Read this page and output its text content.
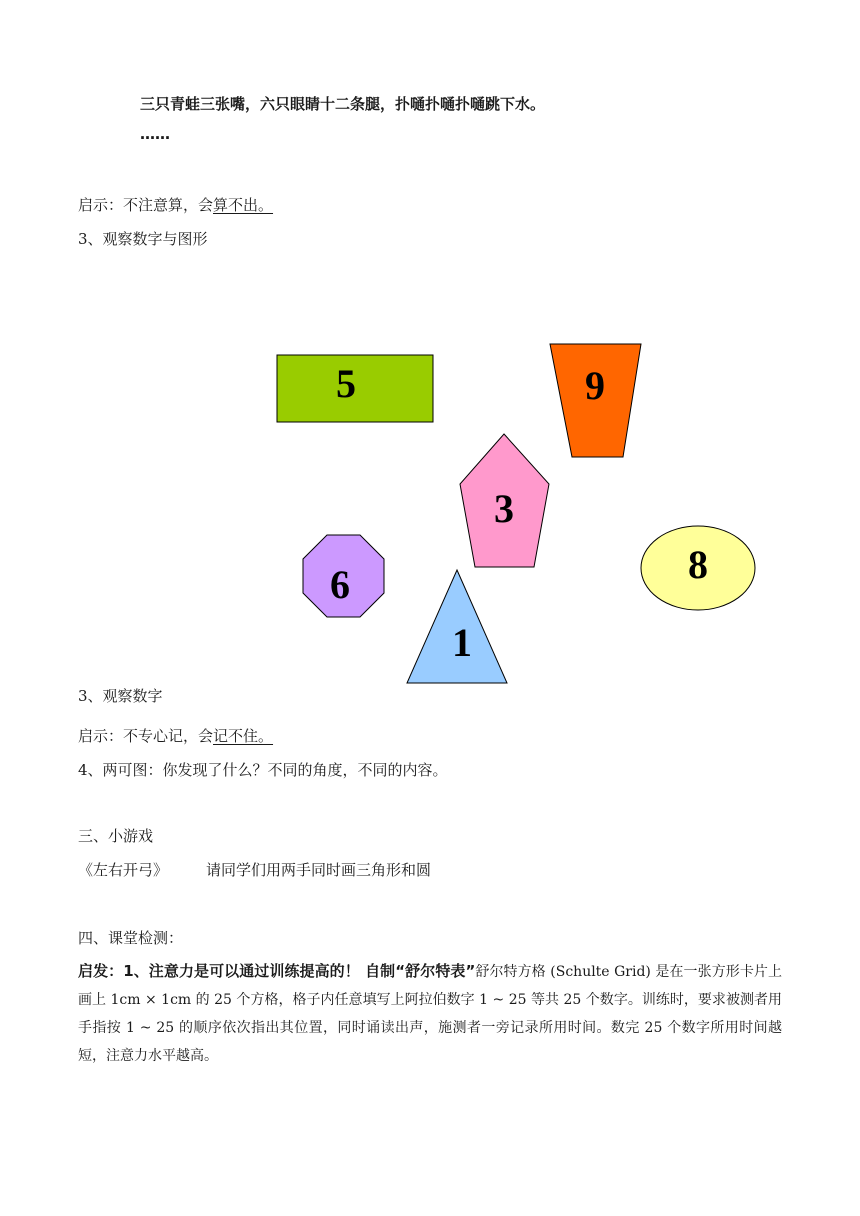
三只青蛙三张嘴，六只眼睛十二条腿，扑嗵扑嗵扑嗵跳下水。
……
启示：不注意算，会算不出。
3、观察数字与图形
5	9
3
8
6
1
3、观察数字
启示：不专心记，会记不住。
4、两可图：你发现了什么？不同的角度，不同的内容。
三、小游戏
《左右开弓》	请同学们用两手同时画三角形和圆
四、课堂检测：
启发：1、注意力是可以通过训练提高的！ 自制“舒尔特表”舒尔特方格 (Schulte Grid) 是在一张方形卡片上画上 1cm × 1cm 的 25 个方格，格子内任意填写上阿拉伯数字 1 ~ 25 等共 25 个数字。训练时，要求被测者用手指按 1 ~ 25 的顺序依次指出其位置，同时诵读出声，施测者一旁记录所用时间。数完 25 个数字所用时间越短，注意力水平越高。
